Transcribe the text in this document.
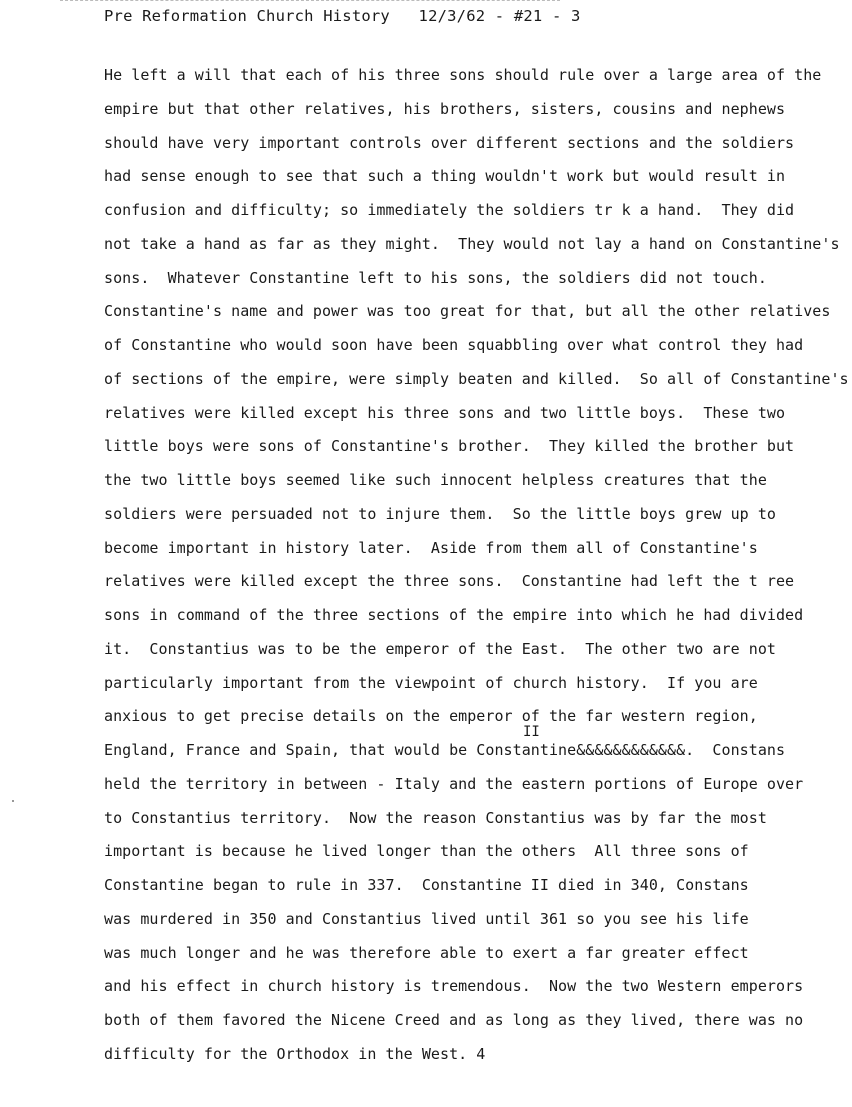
Pre Reformation Church History   12/3/62 - #21 - 3
He left a will that each of his three sons should rule over a large area of the
empire but that other relatives, his brothers, sisters, cousins and nephews
should have very important controls over different sections and the soldiers
had sense enough to see that such a thing wouldn't work but would result in
confusion and difficulty; so immediately the soldiers tr k a hand.  They did
not take a hand as far as they might.  They would not lay a hand on Constantine's
sons.  Whatever Constantine left to his sons, the soldiers did not touch.
Constantine's name and power was too great for that, but all the other relatives
of Constantine who would soon have been squabbling over what control they had
of sections of the empire, were simply beaten and killed.  So all of Constantine's
relatives were killed except his three sons and two little boys.  These two
little boys were sons of Constantine's brother.  They killed the brother but
the two little boys seemed like such innocent helpless creatures that the
soldiers were persuaded not to injure them.  So the little boys grew up to
become important in history later.  Aside from them all of Constantine's
relatives were killed except the three sons.  Constantine had left the t ree
sons in command of the three sections of the empire into which he had divided
it.  Constantius was to be the emperor of the East.  The other two are not
particularly important from the viewpoint of church history.  If you are
anxious to get precise details on the emperor of the far western region,
England, France and Spain, that would be Constantine&&&&&&&&&&&&.  Constans
held the territory in between - Italy and the eastern portions of Europe over
to Constantius territory.  Now the reason Constantius was by far the most
important is because he lived longer than the others  All three sons of
Constantine began to rule in 337.  Constantine II died in 340, Constans
was murdered in 350 and Constantius lived until 361 so you see his life
was much longer and he was therefore able to exert a far greater effect
and his effect in church history is tremendous.  Now the two Western emperors
both of them favored the Nicene Creed and as long as they lived, there was no
difficulty for the Orthodox in the West. 4
II
